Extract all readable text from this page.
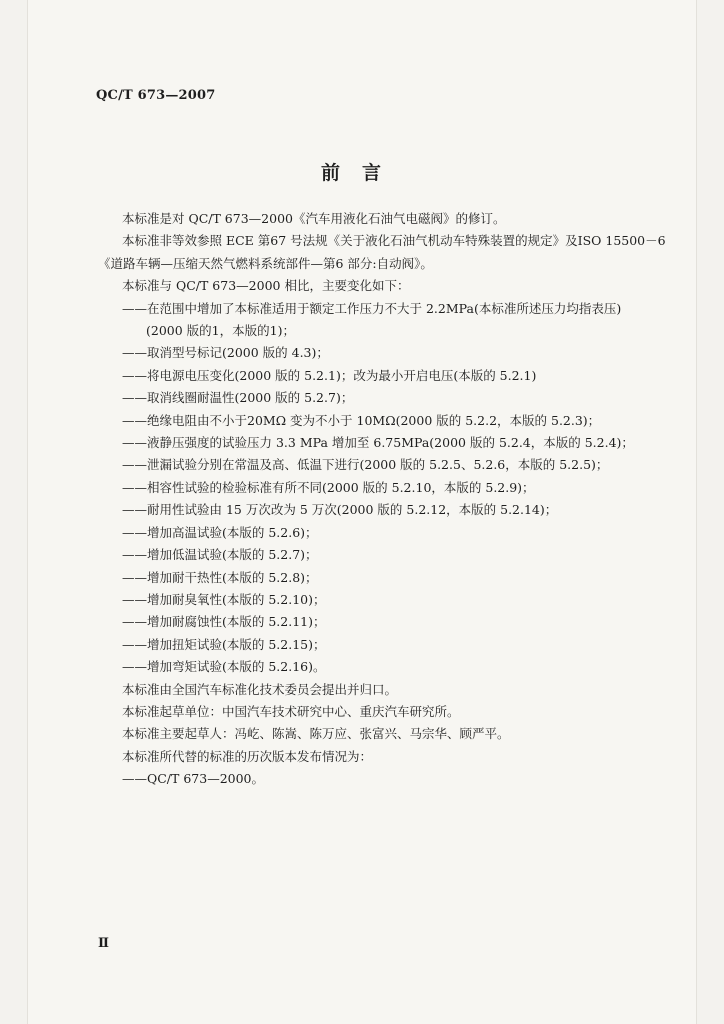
QC/T 673—2007
前言
本标准是对 QC/T 673—2000《汽车用液化石油气电磁阀》的修订。
本标准非等效参照 ECE 第67 号法规《关于液化石油气机动车特殊装置的规定》及ISO 15500－6
《道路车辆—压缩天然气燃料系统部件—第6 部分:自动阀》。
本标准与 QC/T 673—2000 相比，主要变化如下：
——在范围中增加了本标准适用于额定工作压力不大于 2.2MPa(本标准所述压力均指表压)
(2000 版的1，本版的1)；
——取消型号标记(2000 版的 4.3)；
——将电源电压变化(2000 版的 5.2.1)；改为最小开启电压(本版的 5.2.1)
——取消线圈耐温性(2000 版的 5.2.7)；
——绝缘电阻由不小于20MΩ 变为不小于 10MΩ(2000 版的 5.2.2，本版的 5.2.3)；
——液静压强度的试验压力 3.3 MPa 增加至 6.75MPa(2000 版的 5.2.4，本版的 5.2.4)；
——泄漏试验分别在常温及高、低温下进行(2000 版的 5.2.5、5.2.6，本版的 5.2.5)；
——相容性试验的检验标准有所不同(2000 版的 5.2.10，本版的 5.2.9)；
——耐用性试验由 15 万次改为 5 万次(2000 版的 5.2.12，本版的 5.2.14)；
——增加高温试验(本版的 5.2.6)；
——增加低温试验(本版的 5.2.7)；
——增加耐干热性(本版的 5.2.8)；
——增加耐臭氧性(本版的 5.2.10)；
——增加耐腐蚀性(本版的 5.2.11)；
——增加扭矩试验(本版的 5.2.15)；
——增加弯矩试验(本版的 5.2.16)。
本标准由全国汽车标准化技术委员会提出并归口。
本标准起草单位：中国汽车技术研究中心、重庆汽车研究所。
本标准主要起草人：冯屹、陈嵩、陈万应、张富兴、马宗华、顾严平。
本标准所代替的标准的历次版本发布情况为：
——QC/T 673—2000。
Ⅱ
